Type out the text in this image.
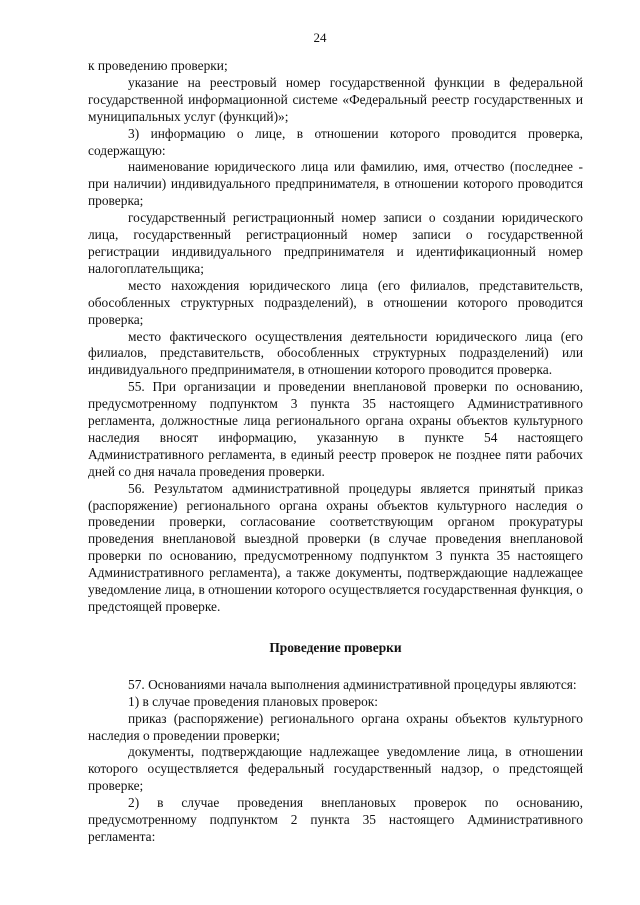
24

к проведению проверки;

указание на реестровый номер государственной функции в федеральной государственной информационной системе «Федеральный реестр государственных и муниципальных услуг (функций)»;

3) информацию о лице, в отношении которого проводится проверка, содержащую:

наименование юридического лица или фамилию, имя, отчество (последнее - при наличии) индивидуального предпринимателя, в отношении которого проводится проверка;

государственный регистрационный номер записи о создании юридического лица, государственный регистрационный номер записи о государственной регистрации индивидуального предпринимателя и идентификационный номер налогоплательщика;

место нахождения юридического лица (его филиалов, представительств, обособленных структурных подразделений), в отношении которого проводится проверка;

место фактического осуществления деятельности юридического лица (его филиалов, представительств, обособленных структурных подразделений) или индивидуального предпринимателя, в отношении которого проводится проверка.

55. При организации и проведении внеплановой проверки по основанию, предусмотренному подпунктом 3 пункта 35 настоящего Административного регламента, должностные лица регионального органа охраны объектов культурного наследия вносят информацию, указанную в пункте 54 настоящего Административного регламента, в единый реестр проверок не позднее пяти рабочих дней со дня начала проведения проверки.

56. Результатом административной процедуры является принятый приказ (распоряжение) регионального органа охраны объектов культурного наследия о проведении проверки, согласование соответствующим органом прокуратуры проведения внеплановой выездной проверки (в случае проведения внеплановой проверки по основанию, предусмотренному подпунктом 3 пункта 35 настоящего Административного регламента), а также документы, подтверждающие надлежащее уведомление лица, в отношении которого осуществляется государственная функция, о предстоящей проверке.

Проведение проверки

57. Основаниями начала выполнения административной процедуры являются:

1) в случае проведения плановых проверок:

приказ (распоряжение) регионального органа охраны объектов культурного наследия о проведении проверки;

документы, подтверждающие надлежащее уведомление лица, в отношении которого осуществляется федеральный государственный надзор, о предстоящей проверке;

2) в случае проведения внеплановых проверок по основанию, предусмотренному подпунктом 2 пункта 35 настоящего Административного регламента:
